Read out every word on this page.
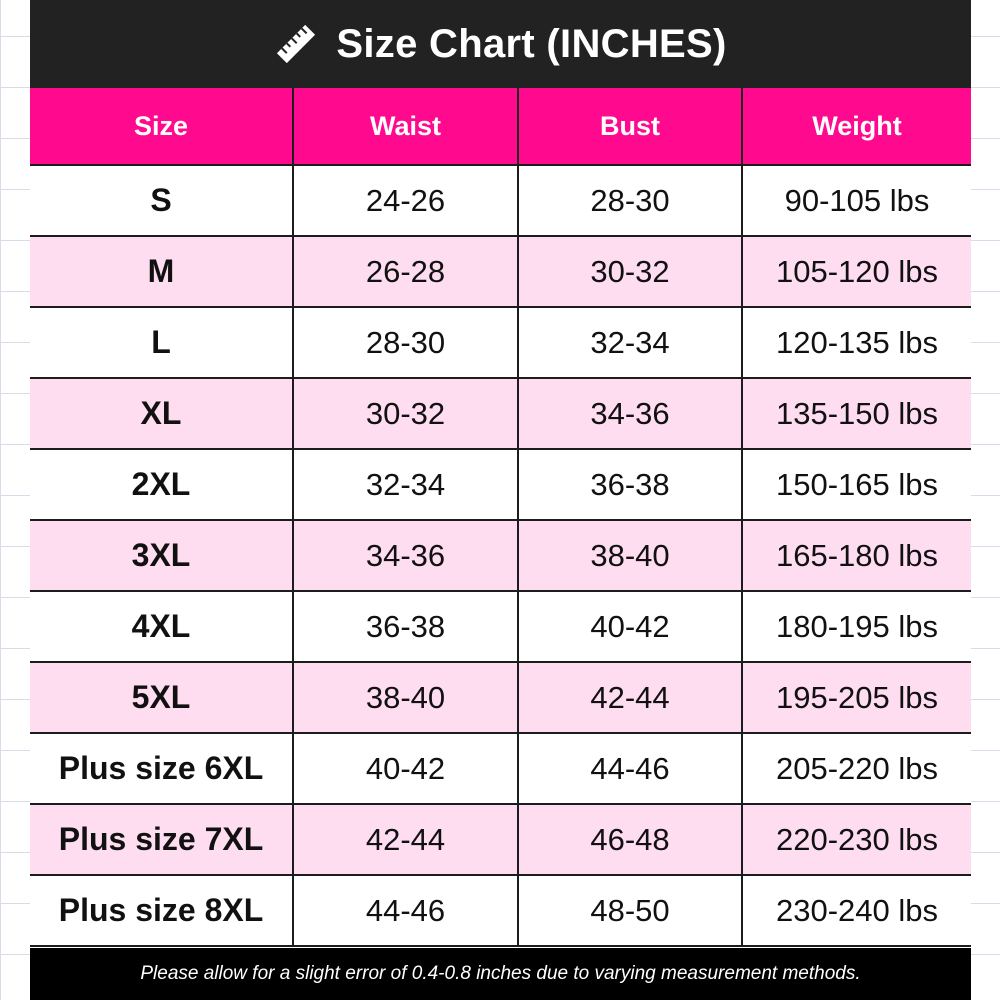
Size Chart (INCHES)
Size	Waist	Bust	Weight
S	24-26	28-30	90-105 lbs
M	26-28	30-32	105-120 lbs
L	28-30	32-34	120-135 lbs
XL	30-32	34-36	135-150 lbs
2XL	32-34	36-38	150-165 lbs
3XL	34-36	38-40	165-180 lbs
4XL	36-38	40-42	180-195 lbs
5XL	38-40	42-44	195-205 lbs
Plus size 6XL	40-42	44-46	205-220 lbs
Plus size 7XL	42-44	46-48	220-230 lbs
Plus size 8XL	44-46	48-50	230-240 lbs
Please allow for a slight error of 0.4-0.8 inches due to varying measurement methods.
